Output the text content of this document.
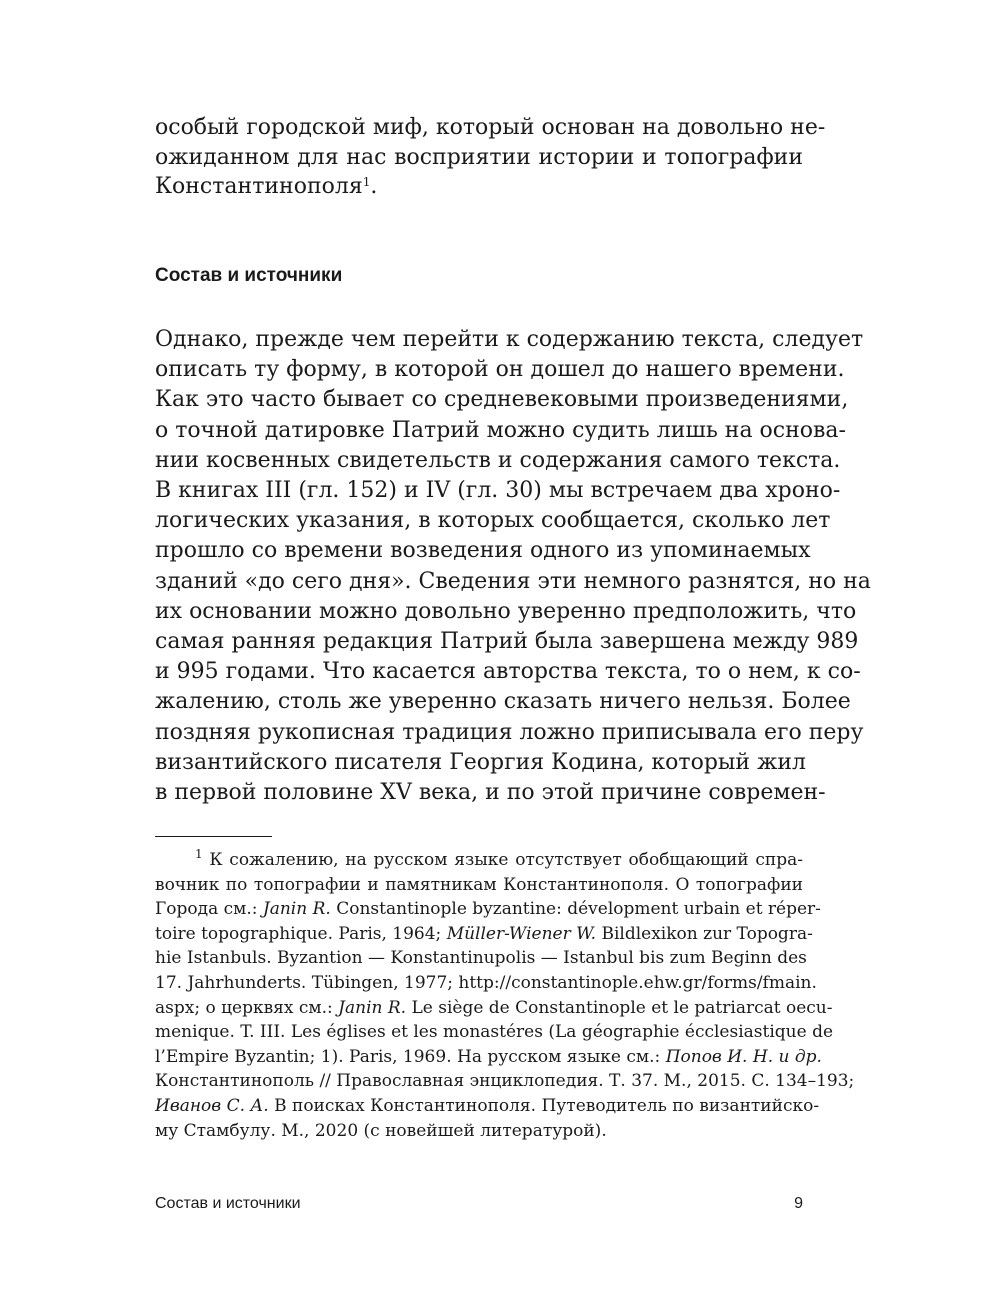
особый городской миф, который основан на довольно не-
ожиданном для нас восприятии истории и топографии
Константинополя$^1$.
Состав и источники
Однако, прежде чем перейти к содержанию текста, следует
описать ту форму, в которой он дошел до нашего времени.
Как это часто бывает со средневековыми произведениями,
о точной датировке Патрий можно судить лишь на основа-
нии косвенных свидетельств и содержания самого текста.
В книгах III (гл. 152) и IV (гл. 30) мы встречаем два хроно-
логических указания, в которых сообщается, сколько лет
прошло со времени возведения одного из упоминаемых
зданий «до сего дня». Сведения эти немного разнятся, но на
их основании можно довольно уверенно предположить, что
самая ранняя редакция Патрий была завершена между 989
и 995 годами. Что касается авторства текста, то о нем, к со-
жалению, столь же уверенно сказать ничего нельзя. Более
поздняя рукописная традиция ложно приписывала его перу
византийского писателя Георгия Кодина, который жил
в первой половине XV века, и по этой причине современ-
$^1$ К сожалению, на русском языке отсутствует обобщающий спра-
вочник по топографии и памятникам Константинополя. О топографии
Города см.: Janin R. Constantinople byzantine: dévelopment urbain et réper-
toire topographique. Paris, 1964; Müller-Wiener W. Bildlexikon zur Topogra-
hie Istanbuls. Byzantion — Konstantinupolis — Istanbul bis zum Beginn des
17. Jahrhunderts. Tübingen, 1977; http://constantinople.ehw.gr/forms/fmain.
aspx; о церквях см.: Janin R. Le siège de Constantinople et le patriarcat oecu-
menique. T. III. Les églises et les monastéres (La géographie écclesiastique de
l’Empire Byzantin; 1). Paris, 1969. На русском языке см.: Попов И. Н. и др.
Константинополь // Православная энциклопедия. Т. 37. М., 2015. С. 134–193;
Иванов С. А. В поисках Константинополя. Путеводитель по византийско-
му Стамбулу. М., 2020 (с новейшей литературой).
Состав и источники	9
